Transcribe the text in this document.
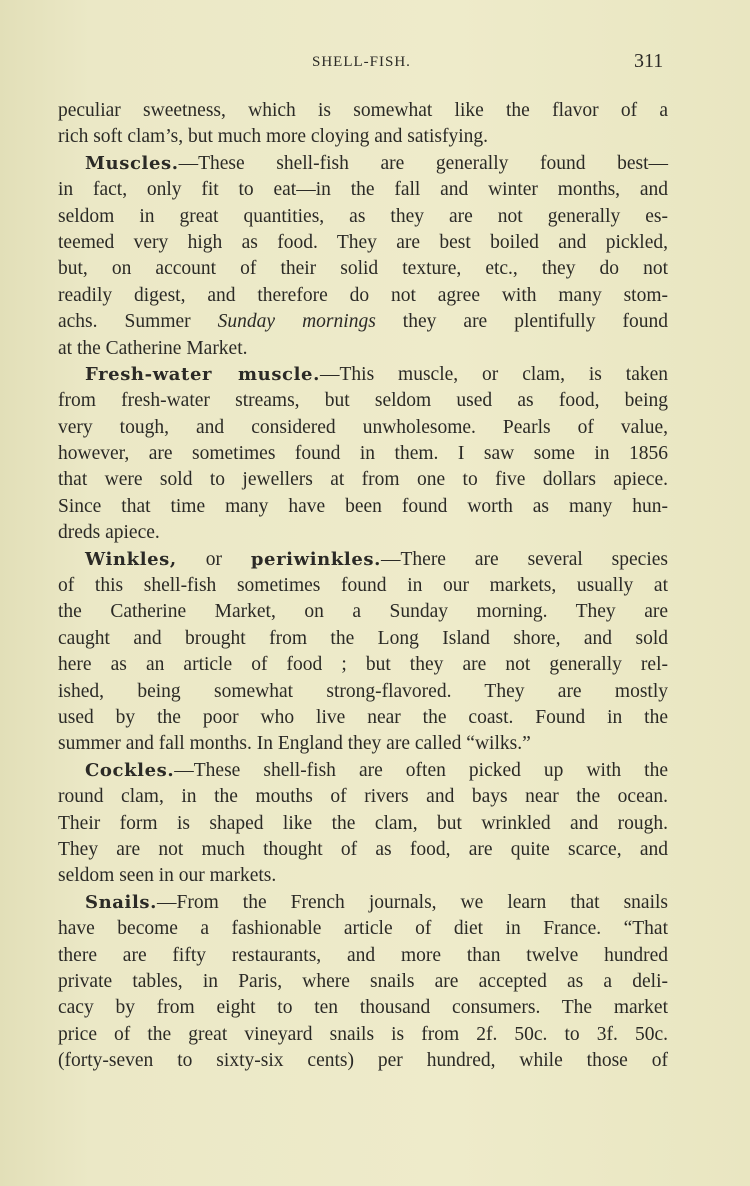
SHELL-FISH.	311
peculiar sweetness, which is somewhat like the flavor of a
rich soft clam’s, but much more cloying and satisfying.
Muscles.—These shell-fish are generally found best—
in fact, only fit to eat—in the fall and winter months, and
seldom in great quantities, as they are not generally es-
teemed very high as food. They are best boiled and pickled,
but, on account of their solid texture, etc., they do not
readily digest, and therefore do not agree with many stom-
achs. Summer Sunday mornings they are plentifully found
at the Catherine Market.
Fresh-water muscle.—This muscle, or clam, is taken
from fresh-water streams, but seldom used as food, being
very tough, and considered unwholesome. Pearls of value,
however, are sometimes found in them. I saw some in 1856
that were sold to jewellers at from one to five dollars apiece.
Since that time many have been found worth as many hun-
dreds apiece.
Winkles, or periwinkles.—There are several species
of this shell-fish sometimes found in our markets, usually at
the Catherine Market, on a Sunday morning. They are
caught and brought from the Long Island shore, and sold
here as an article of food ; but they are not generally rel-
ished, being somewhat strong-flavored. They are mostly
used by the poor who live near the coast. Found in the
summer and fall months. In England they are called “wilks.”
Cockles.—These shell-fish are often picked up with the
round clam, in the mouths of rivers and bays near the ocean.
Their form is shaped like the clam, but wrinkled and rough.
They are not much thought of as food, are quite scarce, and
seldom seen in our markets.
Snails.—From the French journals, we learn that snails
have become a fashionable article of diet in France. “That
there are fifty restaurants, and more than twelve hundred
private tables, in Paris, where snails are accepted as a deli-
cacy by from eight to ten thousand consumers. The market
price of the great vineyard snails is from 2f. 50c. to 3f. 50c.
(forty-seven to sixty-six cents) per hundred, while those of
